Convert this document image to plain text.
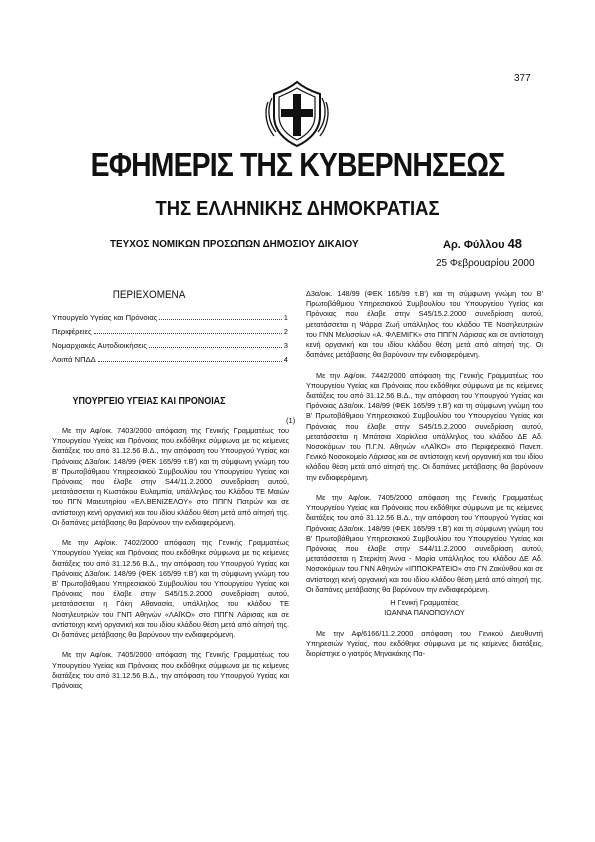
377
ΕΦΗΜΕΡΙΣ ΤΗΣ ΚΥΒΕΡΝΗΣΕΩΣ
ΤΗΣ ΕΛΛΗΝΙΚΗΣ ΔΗΜΟΚΡΑΤΙΑΣ
ΤΕΥΧΟΣ ΝΟΜΙΚΩΝ ΠΡΟΣΩΠΩΝ ΔΗΜΟΣΙΟΥ ΔΙΚΑΙΟΥ	Αρ. Φύλλου 48
25 Φεβρουαρίου 2000
ΠΕΡΙΕΧΟΜΕΝΑ
Υπουργείο Υγείας και Πρόνοιας	1
Περιφέρειες	2
Νομαρχιακές Αυτοδιοικήσεις	3
Λοιπά ΝΠΔΔ	4
ΥΠΟΥΡΓΕΙΟ ΥΓΕΙΑΣ ΚΑΙ ΠΡΟΝΟΙΑΣ
(1)

Με την Αφ/οικ. 7403/2000 απόφαση της Γενικής Γραμματέως του Υπουργείου Υγείας και Πρόνοιας που εκδόθηκε σύμφωνα με τις κείμενες διατάξεις του από 31.12.56 Β.Δ., την απόφαση του Υπουργού Υγείας και Πρόνοιας Δ3α/οικ. 148/99 (ΦΕΚ 165/99 τ.Β') και τη σύμφωνη γνώμη του Β' Πρωτοβάθμιου Υπηρεσιακού Συμβουλίου του Υπουργείου Υγείας και Πρόνοιας που έλαβε στην S44/11.2.2000 συνεδρίαση αυτού, μετατάσσεται η Κωστάκου Ευλαμπία, υπάλληλος του Κλάδου ΤΕ Μαιών του ΠΓΝ Μαιευτηρίου «ΕΛ.ΒΕΝΙΖΕΛΟΥ» στο ΠΠΓΝ Πατρών και σε αντίστοιχη κενή οργανική και του ιδίου κλάδου θέση μετά από αίτησή της. Οι δαπάνες μετάβασης θα βαρύνουν την ενδιαφερόμενη.

Με την Αφ/οικ. 7402/2000 απόφαση της Γενικής Γραμματέως Υπουργείου Υγείας και Πρόνοιας που εκδόθηκε σύμφωνα με τις κείμενες διατάξεις του από 31.12.56 Β.Δ., την απόφαση του Υπουργού Υγείας και Πρόνοιας Δ3α/οικ. 148/99 (ΦΕΚ 165/99 τ.Β') και τη σύμφωνη γνώμη του Β' Πρωτοβάθμιου Υπηρεσιακού Συμβουλίου του Υπουργείου Υγείας και Πρόνοιας που έλαβε στην S45/15.2.2000 συνεδρίαση αυτού, μετατάσσεται η Γάκη Αθανασία, υπάλληλος του κλάδου ΤΕ Νοσηλευτριών του ΓΝΠ Αθηνών «ΛΑΪΚΟ» στο ΠΠΓΝ Λάρισας και σε αντίστοιχη κενή οργανική και του ιδίου κλάδου θέση μετά από αίτησή της. Οι δαπάνες μετάβασης θα βαρύνουν την ενδιαφερόμενη.

Με την Αφ/οικ. 7405/2000 απόφαση της Γενικής Γραμματέως του Υπουργείου Υγείας και Πρόνοιας που εκδόθηκε σύμφωνα με τις κείμενες διατάξεις του από 31.12.56 Β.Δ., την απόφαση του Υπουργού Υγείας και Πρόνοιας

Δ3α/οικ. 148/99 (ΦΕΚ 165/99 τ.Β') και τη σύμφωνη γνώμη του Β' Πρωτοβάθμιου Υπηρεσιακού Συμβουλίου του Υπουργείου Υγείας και Πρόνοιας που έλαβε στην S45/15.2.2000 συνεδρίαση αυτού, μετατάσσεται η Ψάρρα Ζωή υπάλληλος του κλάδου ΤΕ Νοσηλευτριών του ΓΝΝ Μελισσίων «Α. ΦΛΕΜΙΓΚ» στο ΠΠΓΝ Λάρισας και σε αντίστοιχη κενή οργανική και του ιδίου κλάδου θέση μετά από αίτησή της. Οι δαπάνες μετάβασης θα βαρύνουν την ενδιαφερόμενη.

Με την Αφ/οικ. 7442/2000 απόφαση της Γενικής Γραμματέως του Υπουργείου Υγείας και Πρόνοιας που εκδόθηκε σύμφωνα με τις κείμενες διατάξεις του από 31.12.56 Β.Δ., την απόφαση του Υπουργού Υγείας και Πρόνοιας Δ3α/οικ. 148/99 (ΦΕΚ 165/99 τ.Β') και τη σύμφωνη γνώμη του Β' Πρωτοβάθμιου Υπηρεσιακού Συμβουλίου του Υπουργείου Υγείας και Πρόνοιας που έλαβε στην S45/15.2.2000 συνεδρίαση αυτού, μετατάσσεται η Μπάτσια Χαρίκλεια υπάλληλος του κλάδου ΔΕ Αδ. Νοσοκόμων του Π.Γ.Ν. Αθηνών «ΛΑΪΚΟ» στο Περιφερειακό Πανεπ. Γενικό Νοσοκομείο Λάρισας και σε αντίστοιχη κενή οργανική και του ιδίου κλάδου θέση μετά από αίτησή της. Οι δαπάνες μετάβασης θα βαρύνουν την ενδιαφερόμενη.

Με την Αφ/οικ. 7405/2000 απόφαση της Γενικής Γραμματέως Υπουργείου Υγείας και Πρόνοιας που εκδόθηκε σύμφωνα με τις κείμενες διατάξεις του από 31.12.56 Β.Δ., την απόφαση του Υπουργού Υγείας και Πρόνοιας Δ3α/οικ. 148/99 (ΦΕΚ 165/99 τ.Β') και τη σύμφωνη γνώμη του Β' Πρωτοβάθμιου Υπηρεσιακού Συμβουλίου του Υπουργείου Υγείας και Πρόνοιας που έλαβε στην S44/11.2.2000 συνεδρίαση αυτού, μετατάσσεται η Στερκίτη Άννα - Μαρία υπάλληλος του κλάδου ΔΕ Αδ. Νοσοκόμων του ΓΝΝ Αθηνών «ΙΠΠΟΚΡΑΤΕΙΟ» στο ΓΝ Ζακύνθου και σε αντίστοιχη κενή οργανική και του ιδίου κλάδου θέση μετά από αίτησή της. Οι δαπάνες μετάβασης θα βαρύνουν την ενδιαφερόμενη.

Η Γενική Γραμματέας

ΙΩΑΝΝΑ ΠΑΝΟΠΟΥΛΟΥ

Με την Αφ/6166/11.2.2000 απόφαση του Γενικού Διευθυντή Υπηρεσιών Υγείας, που εκδόθηκε σύμφωνα με τις κείμενες διατάξεις, διορίστηκε ο γιατρός Μηνακάκης Πα-
